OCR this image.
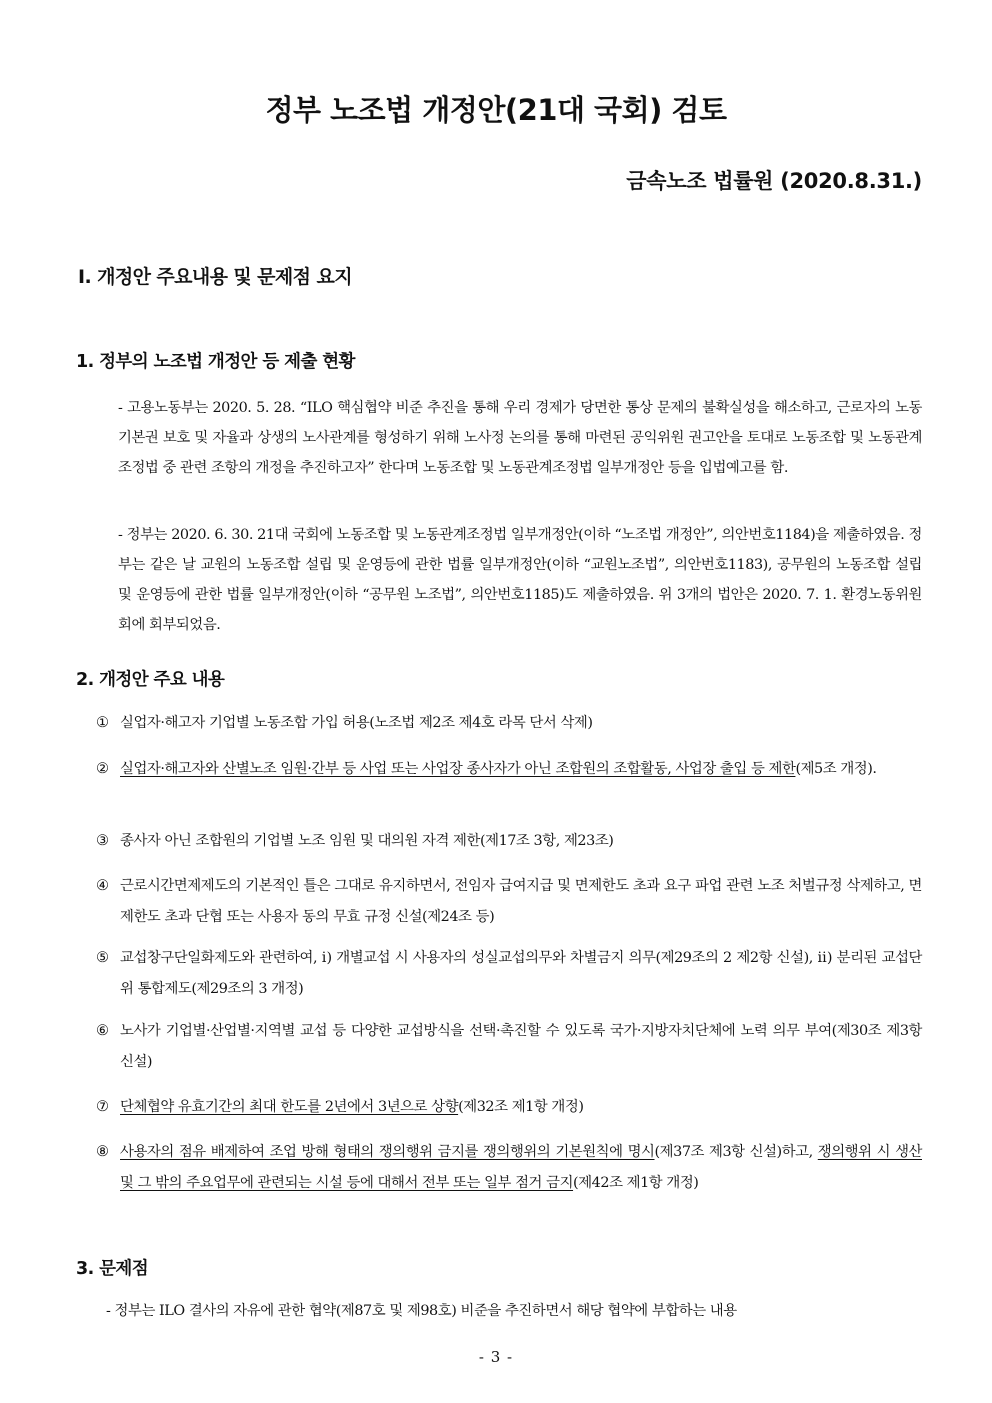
정부 노조법 개정안(21대 국회) 검토
금속노조 법률원 (2020.8.31.)
Ⅰ. 개정안 주요내용 및 문제점 요지
1. 정부의 노조법 개정안 등 제출 현황
- 고용노동부는 2020. 5. 28. “ILO 핵심협약 비준 추진을 통해 우리 경제가 당면한 통상 문제의 불확실성을 해소하고, 근로자의 노동기본권 보호 및 자율과 상생의 노사관계를 형성하기 위해 노사정 논의를 통해 마련된 공익위원 권고안을 토대로 노동조합 및 노동관계조정법 중 관련 조항의 개정을 추진하고자” 한다며 노동조합 및 노동관계조정법 일부개정안 등을 입법예고를 함.
- 정부는 2020. 6. 30. 21대 국회에 노동조합 및 노동관계조정법 일부개정안(이하 “노조법 개정안”, 의안번호1184)을 제출하였음. 정부는 같은 날 교원의 노동조합 설립 및 운영등에 관한 법률 일부개정안(이하 “교원노조법”, 의안번호1183), 공무원의 노동조합 설립 및 운영등에 관한 법률 일부개정안(이하 “공무원 노조법”, 의안번호1185)도 제출하였음. 위 3개의 법안은 2020. 7. 1. 환경노동위원회에 회부되었음.
2. 개정안 주요 내용
① 실업자·해고자 기업별 노동조합 가입 허용(노조법 제2조 제4호 라목 단서 삭제)
② 실업자·해고자와 산별노조 임원·간부 등 사업 또는 사업장 종사자가 아닌 조합원의 조합활동, 사업장 출입 등 제한(제5조 개정).
③ 종사자 아닌 조합원의 기업별 노조 임원 및 대의원 자격 제한(제17조 3항, 제23조)
④ 근로시간면제제도의 기본적인 틀은 그대로 유지하면서, 전임자 급여지급 및 면제한도 초과 요구 파업 관련 노조 처벌규정 삭제하고, 면제한도 초과 단협 또는 사용자 동의 무효 규정 신설(제24조 등)
⑤ 교섭창구단일화제도와 관련하여, ⅰ) 개별교섭 시 사용자의 성실교섭의무와 차별금지 의무(제29조의 2 제2항 신설), ⅱ) 분리된 교섭단위 통합제도(제29조의 3 개정)
⑥ 노사가 기업별·산업별·지역별 교섭 등 다양한 교섭방식을 선택·촉진할 수 있도록 국가·지방자치단체에 노력 의무 부여(제30조 제3항 신설)
⑦ 단체협약 유효기간의 최대 한도를 2년에서 3년으로 상향(제32조 제1항 개정)
⑧ 사용자의 점유 배제하여 조업 방해 형태의 쟁의행위 금지를 쟁의행위의 기본원칙에 명시(제37조 제3항 신설)하고, 쟁의행위 시 생산 및 그 밖의 주요업무에 관련되는 시설 등에 대해서 전부 또는 일부 점거 금지(제42조 제1항 개정)
3. 문제점
- 정부는 ILO 결사의 자유에 관한 협약(제87호 및 제98호) 비준을 추진하면서 해당 협약에 부합하는 내용
- 3 -
